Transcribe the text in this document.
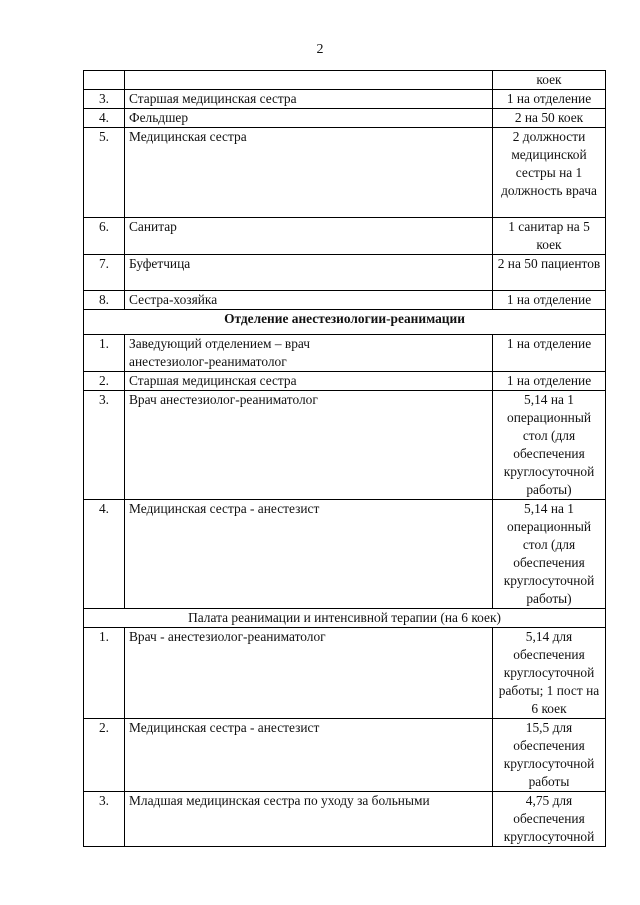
2
		коек
3.	Старшая медицинская сестра	1 на отделение
4.	Фельдшер	2 на 50 коек
5.	Медицинская сестра	2 должности медицинской сестры на 1 должность врача
6.	Санитар	1 санитар на 5 коек
7.	Буфетчица	2 на 50 пациентов
8.	Сестра-хозяйка	1 на отделение
Отделение анестезиологии-реанимации		
1.	Заведующий отделением – врач анестезиолог-реаниматолог	1 на отделение
2.	Старшая медицинская сестра	1 на отделение
3.	Врач анестезиолог-реаниматолог	5,14 на 1 операционный стол (для обеспечения круглосуточной работы)
4.	Медицинская сестра - анестезист	5,14 на 1 операционный стол (для обеспечения круглосуточной работы)
Палата реанимации и интенсивной терапии (на 6 коек)		
1.	Врач - анестезиолог-реаниматолог	5,14 для обеспечения круглосуточной работы; 1 пост на 6 коек
2.	Медицинская сестра - анестезист	15,5 для обеспечения круглосуточной работы
3.	Младшая медицинская сестра по уходу за больными	4,75 для обеспечения круглосуточной
